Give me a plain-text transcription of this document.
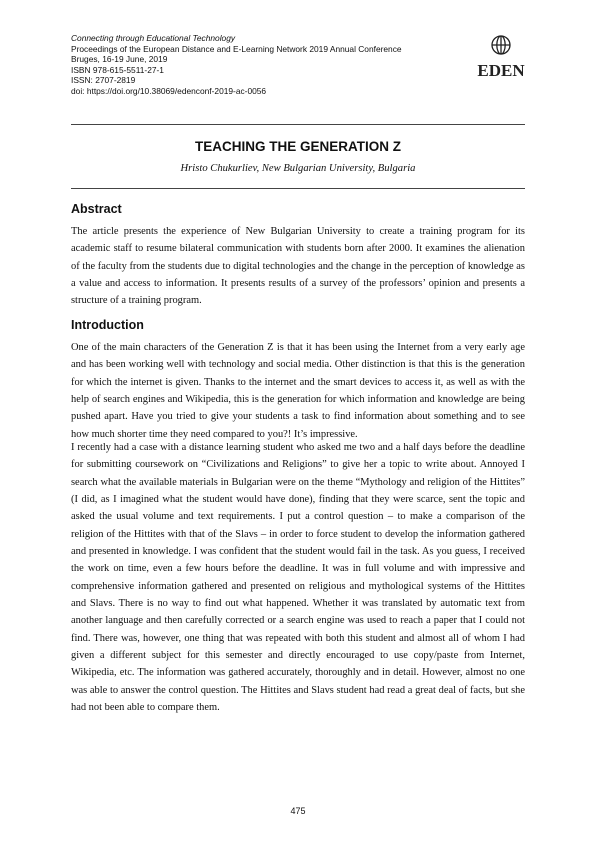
Connecting through Educational Technology
Proceedings of the European Distance and E-Learning Network 2019 Annual Conference
Bruges, 16-19 June, 2019
ISBN 978-615-5511-27-1
ISSN: 2707-2819
doi: https://doi.org/10.38069/edenconf-2019-ac-0056
EDEN
TEACHING THE GENERATION Z
Hristo Chukurliev, New Bulgarian University, Bulgaria
Abstract

The article presents the experience of New Bulgarian University to create a training program for its academic staff to resume bilateral communication with students born after 2000. It examines the alienation of the faculty from the students due to digital technologies and the change in the perception of knowledge as a value and access to information. It presents results of a survey of the professors’ opinion and presents a structure of a training program.

Introduction

One of the main characters of the Generation Z is that it has been using the Internet from a very early age and has been working well with technology and social media. Other distinction is that this is the generation for which the internet is given. Thanks to the internet and the smart devices to access it, as well as with the help of search engines and Wikipedia, this is the generation for which information and knowledge are being pushed apart. Have you tried to give your students a task to find information about something and to see how much shorter time they need compared to you?! It’s impressive.

I recently had a case with a distance learning student who asked me two and a half days before the deadline for submitting coursework on “Civilizations and Religions” to give her a topic to write about. Annoyed I search what the available materials in Bulgarian were on the theme “Mythology and religion of the Hittites” (I did, as I imagined what the student would have done), finding that they were scarce, sent the topic and asked the usual volume and text requirements. I put a control question – to make a comparison of the religion of the Hittites with that of the Slavs – in order to force student to develop the information gathered and presented in knowledge. I was confident that the student would fail in the task. As you guess, I received the work on time, even a few hours before the deadline. It was in full volume and with impressive and comprehensive information gathered and presented on religious and mythological systems of the Hittites and Slavs. There is no way to find out what happened. Whether it was translated by automatic text from another language and then carefully corrected or a search engine was used to reach a paper that I could not find. There was, however, one thing that was repeated with both this student and almost all of whom I had given a different subject for this semester and directly encouraged to use copy/paste from Internet, Wikipedia, etc. The information was gathered accurately, thoroughly and in detail. However, almost no one was able to answer the control question. The Hittites and Slavs student had read a great deal of facts, but she had not been able to compare them.

475
